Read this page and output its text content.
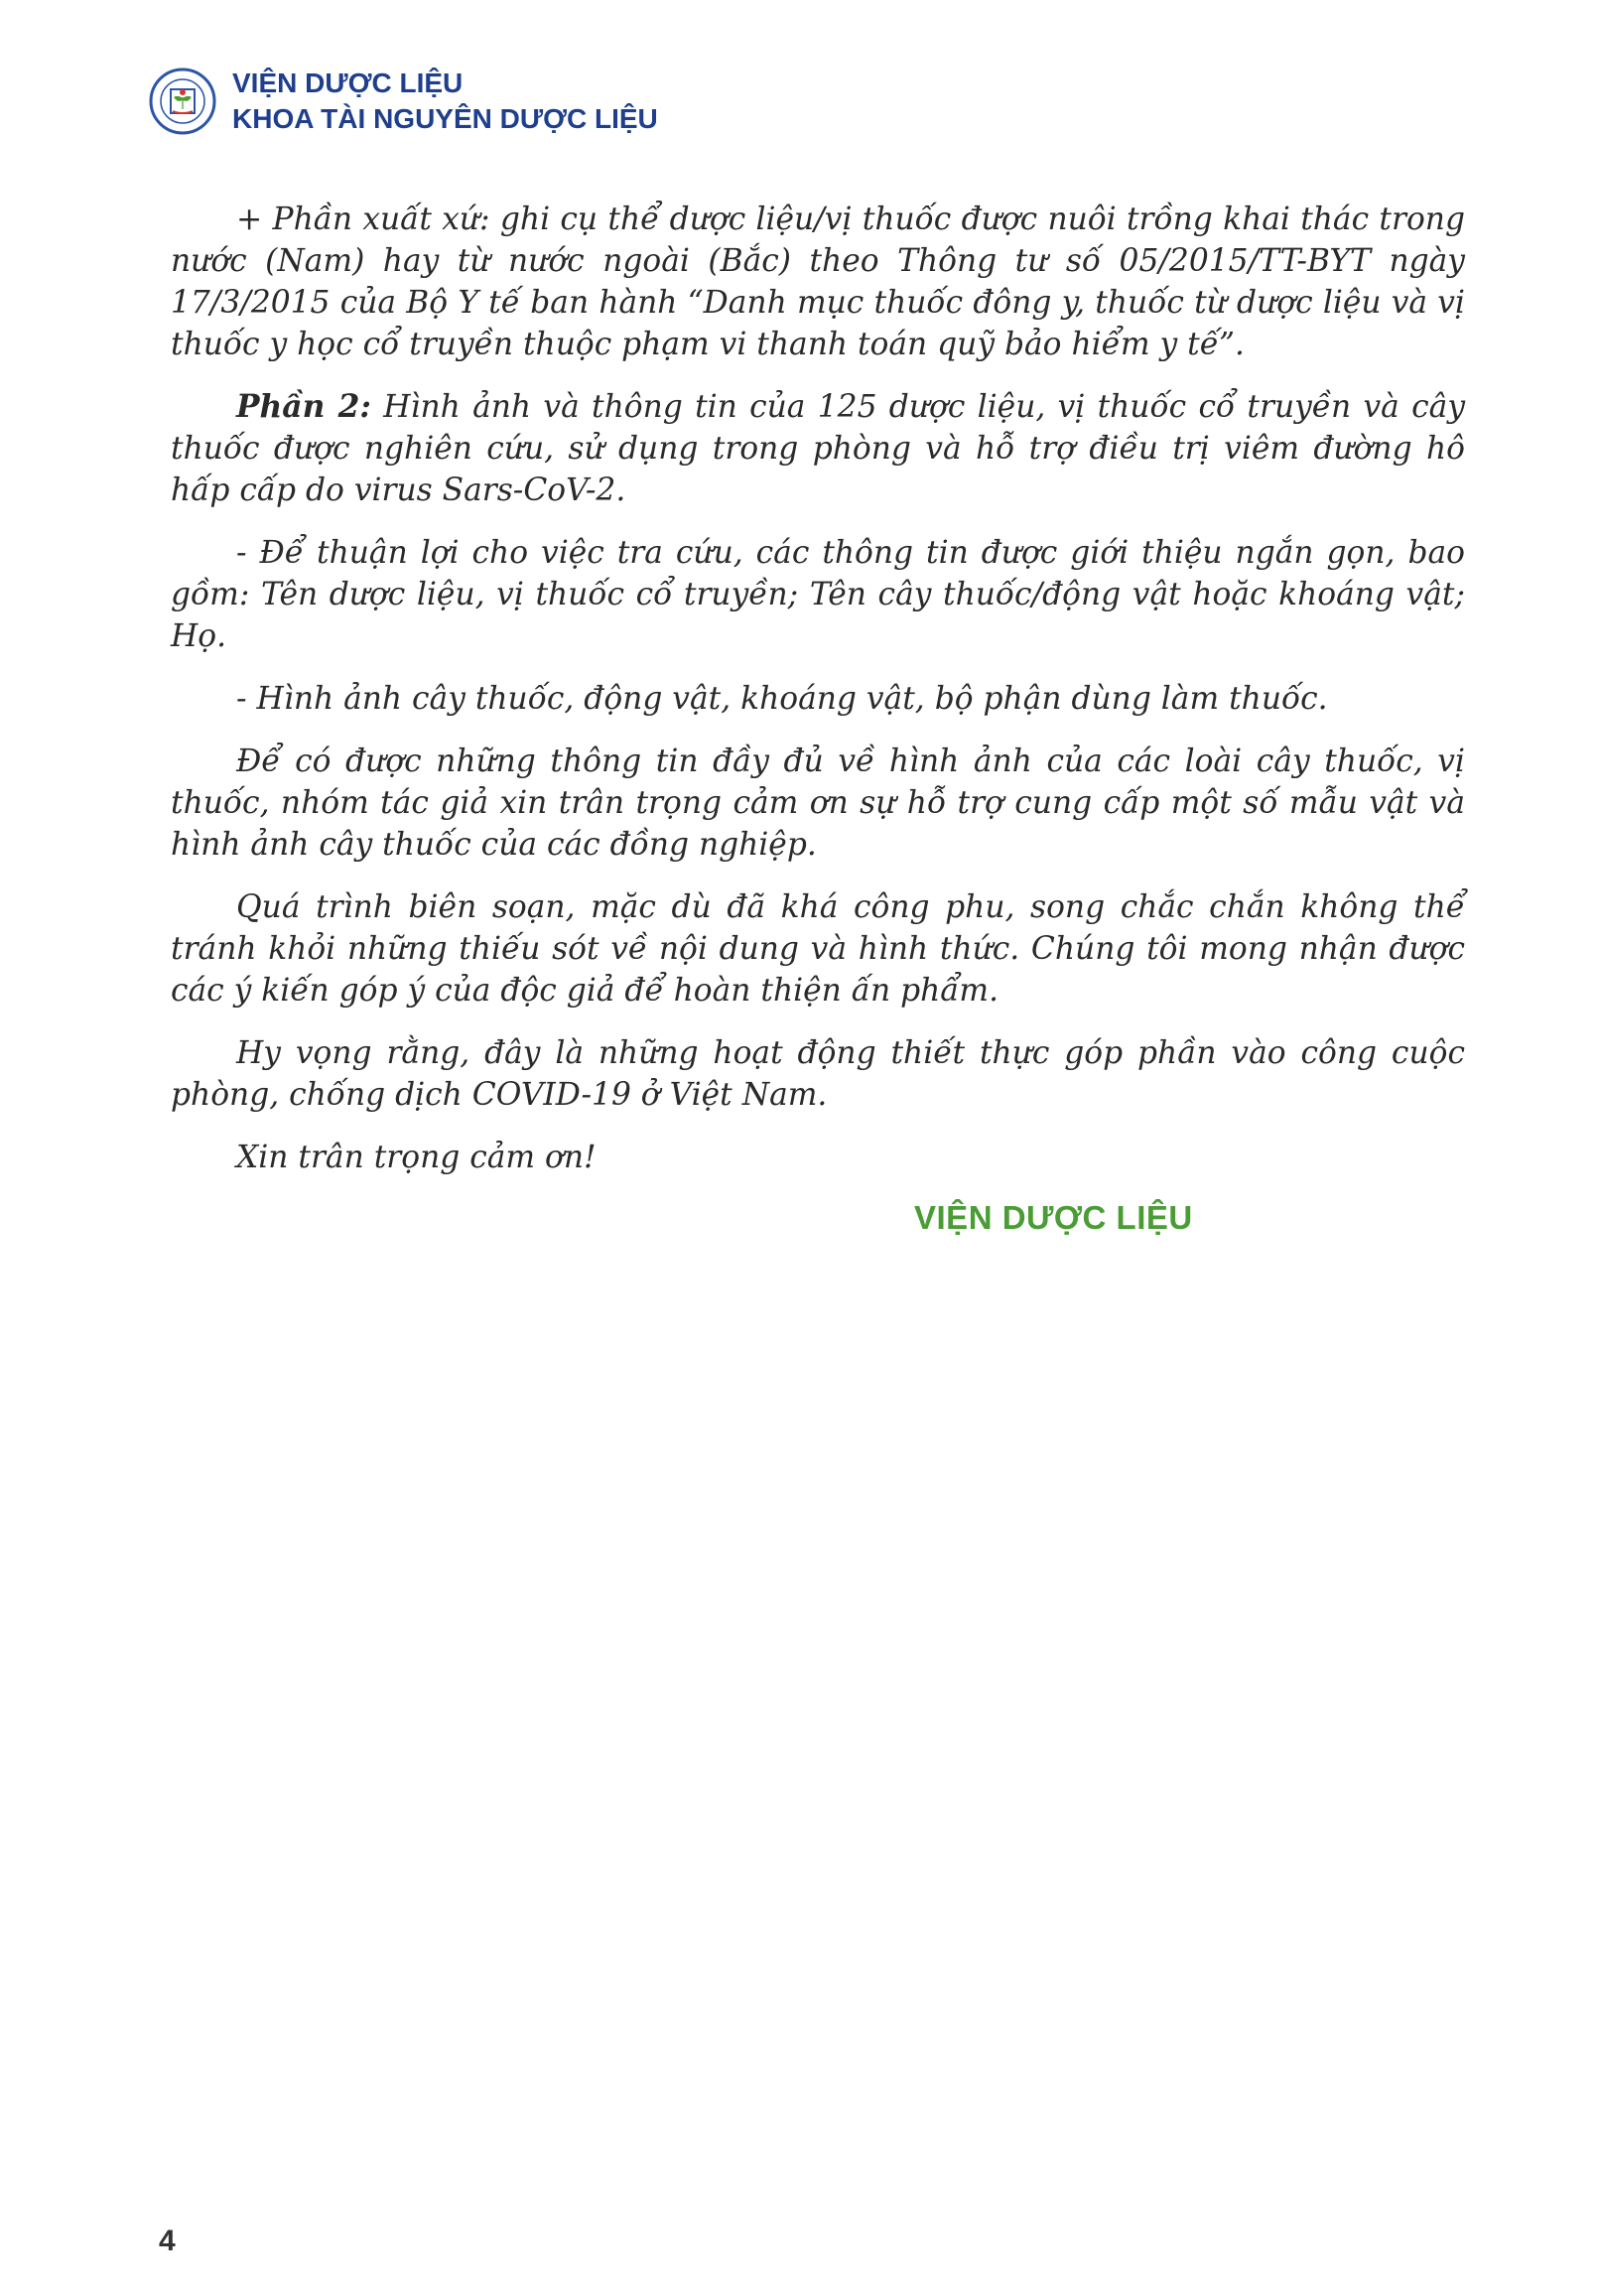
VIỆN DƯỢC LIỆU
KHOA TÀI NGUYÊN DƯỢC LIỆU

+ Phần xuất xứ: ghi cụ thể dược liệu/vị thuốc được nuôi trồng khai thác trong nước (Nam) hay từ nước ngoài (Bắc) theo Thông tư số 05/2015/TT-BYT ngày 17/3/2015 của Bộ Y tế ban hành “Danh mục thuốc đông y, thuốc từ dược liệu và vị thuốc y học cổ truyền thuộc phạm vi thanh toán quỹ bảo hiểm y tế”.

Phần 2: Hình ảnh và thông tin của 125 dược liệu, vị thuốc cổ truyền và cây thuốc được nghiên cứu, sử dụng trong phòng và hỗ trợ điều trị viêm đường hô hấp cấp do virus Sars-CoV-2.

- Để thuận lợi cho việc tra cứu, các thông tin được giới thiệu ngắn gọn, bao gồm: Tên dược liệu, vị thuốc cổ truyền; Tên cây thuốc/động vật hoặc khoáng vật; Họ.

- Hình ảnh cây thuốc, động vật, khoáng vật, bộ phận dùng làm thuốc.

Để có được những thông tin đầy đủ về hình ảnh của các loài cây thuốc, vị thuốc, nhóm tác giả xin trân trọng cảm ơn sự hỗ trợ cung cấp một số mẫu vật và hình ảnh cây thuốc của các đồng nghiệp.

Quá trình biên soạn, mặc dù đã khá công phu, song chắc chắn không thể tránh khỏi những thiếu sót về nội dung và hình thức. Chúng tôi mong nhận được các ý kiến góp ý của độc giả để hoàn thiện ấn phẩm.

Hy vọng rằng, đây là những hoạt động thiết thực góp phần vào công cuộc phòng, chống dịch COVID-19 ở Việt Nam.

Xin trân trọng cảm ơn!

VIỆN DƯỢC LIỆU
4
